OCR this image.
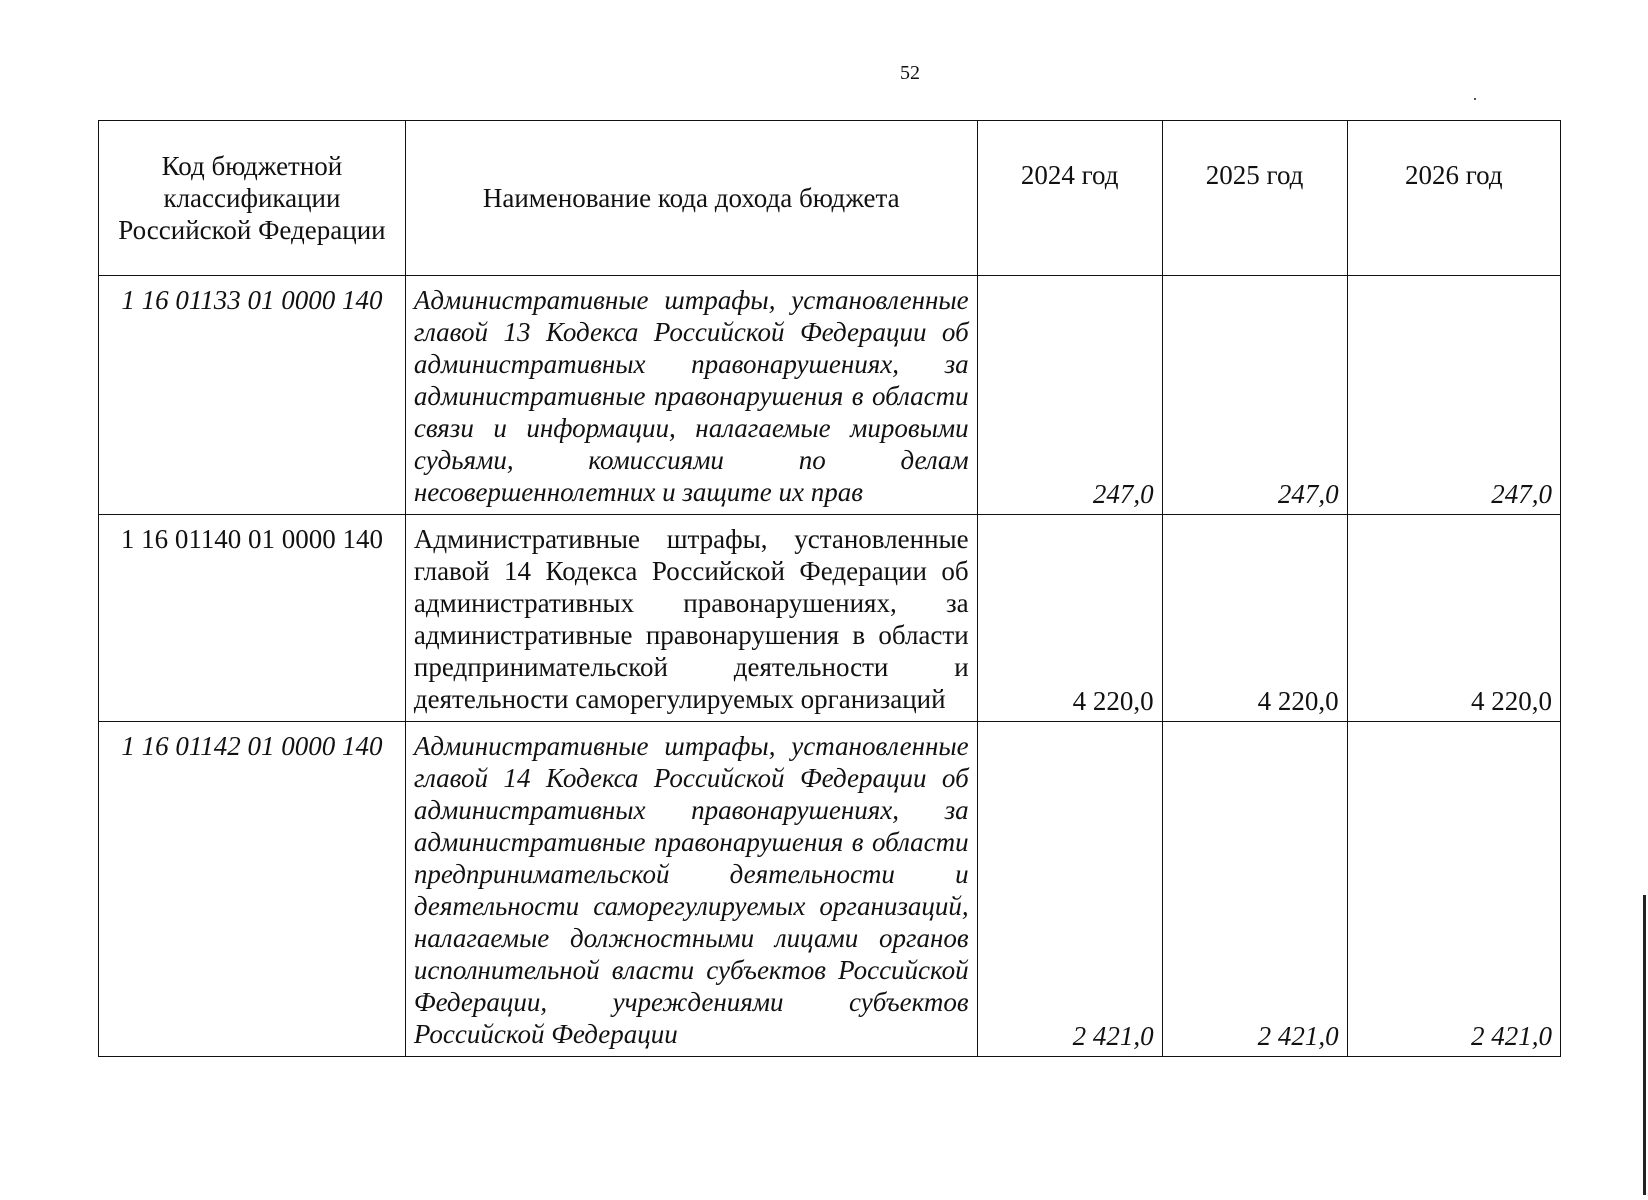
52
Код бюджетной классификации Российской Федерации	Наименование кода дохода бюджета	2024 год	2025 год	2026 год
1 16 01133 01 0000 140	Административные штрафы, установленные главой 13 Кодекса Российской Федерации об административных правонарушениях, за административные правонарушения в области связи и информации, налагаемые мировыми судьями, комиссиями по делам несовершеннолетних и защите их прав	247,0	247,0	247,0
1 16 01140 01 0000 140	Административные штрафы, установленные главой 14 Кодекса Российской Федерации об административных правонарушениях, за административные правонарушения в области предпринимательской деятельности и деятельности саморегулируемых организаций	4 220,0	4 220,0	4 220,0
1 16 01142 01 0000 140	Административные штрафы, установленные главой 14 Кодекса Российской Федерации об административных правонарушениях, за административные правонарушения в области предпринимательской деятельности и деятельности саморегулируемых организаций, налагаемые должностными лицами органов исполнительной власти субъектов Российской Федерации, учреждениями субъектов Российской Федерации	2 421,0	2 421,0	2 421,0
